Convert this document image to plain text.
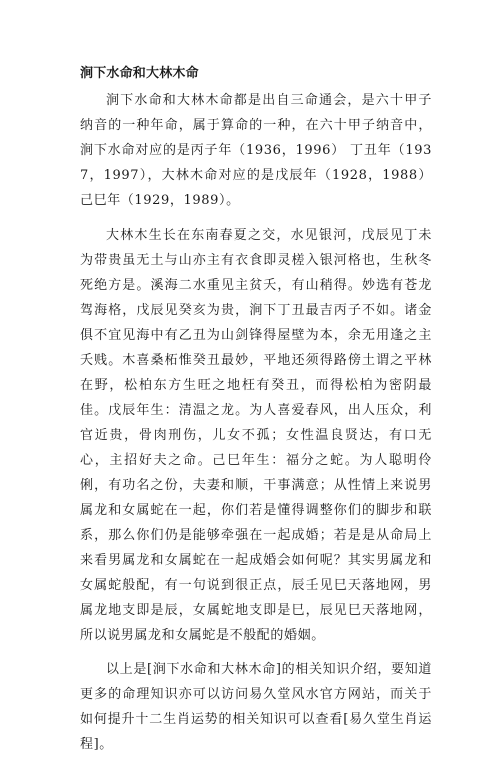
涧下水命和大林木命

涧下水命和大林木命都是出自三命通会，是六十甲子纳音的一种年命，属于算命的一种，在六十甲子纳音中，涧下水命对应的是丙子年（1936，1996） 丁丑年（1937，1997），大林木命对应的是戊辰年（1928，1988） 己巳年（1929，1989）。

大林木生长在东南春夏之交，水见银河，戊辰见丁未为带贵虽无土与山亦主有衣食即灵槎入银河格也，生秋冬死绝方是。溪海二水重见主贫夭，有山稍得。妙选有苍龙驾海格，戊辰见癸亥为贵，涧下丁丑最吉丙子不如。诸金俱不宜见海中有乙丑为山剑锋得屋壁为本，余无用逢之主夭贱。木喜桑柘惟癸丑最妙，平地还须得路傍土谓之平林在野，松柏东方生旺之地枉有癸丑，而得松柏为密阴最佳。戊辰年生：清温之龙。为人喜爱春风，出人压众，利官近贵，骨肉刑伤，儿女不孤；女性温良贤达，有口无心，主招好夫之命。己巳年生：福分之蛇。为人聪明伶俐，有功名之份，夫妻和顺，干事满意；从性情上来说男属龙和女属蛇在一起，你们若是懂得调整你们的脚步和联系，那么你们仍是能够牵强在一起成婚；若是是从命局上来看男属龙和女属蛇在一起成婚会如何呢？其实男属龙和女属蛇般配，有一句说到很正点，辰壬见巳天落地网，男属龙地支即是辰，女属蛇地支即是巳，辰见巳天落地网，所以说男属龙和女属蛇是不般配的婚姻。

以上是[涧下水命和大林木命]的相关知识介绍，要知道更多的命理知识亦可以访问易久堂风水官方网站，而关于如何提升十二生肖运势的相关知识可以查看[易久堂生肖运程]。
